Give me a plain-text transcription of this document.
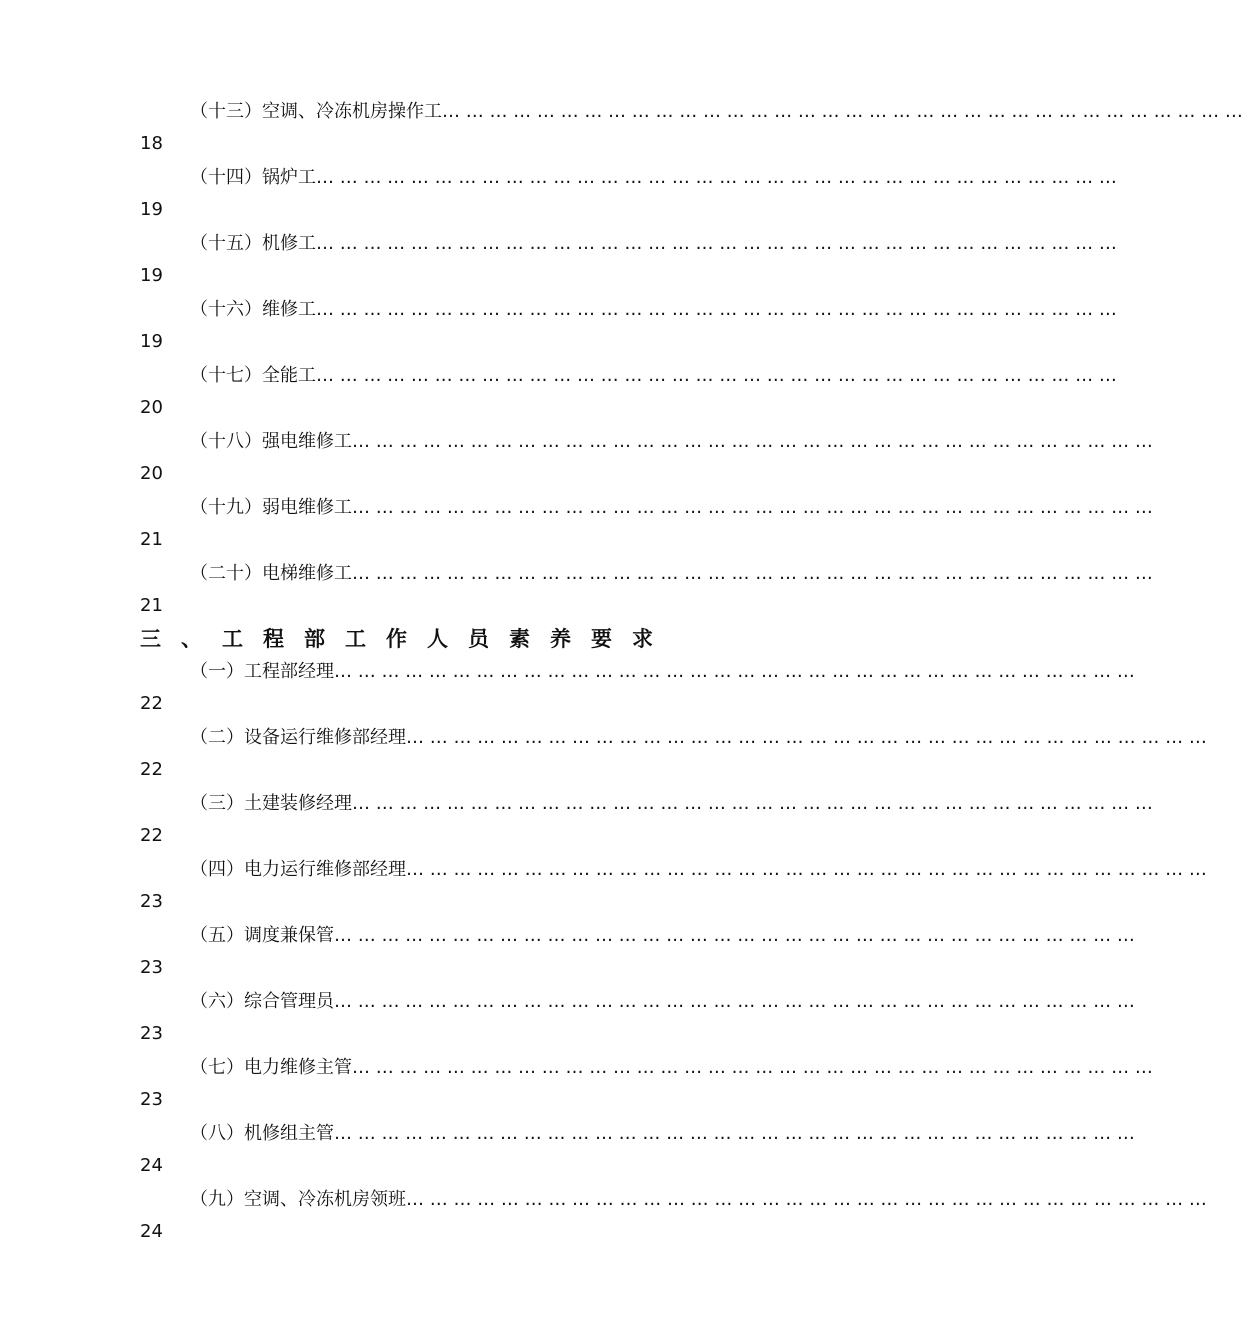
（十三）空调、冷冻机房操作工… … … … … … … … … … … … … … … … … … … … … … … … … … … … … … … … … …
18
（十四）锅炉工… … … … … … … … … … … … … … … … … … … … … … … … … … … … … … … … … …
19
（十五）机修工… … … … … … … … … … … … … … … … … … … … … … … … … … … … … … … … … …
19
（十六）维修工… … … … … … … … … … … … … … … … … … … … … … … … … … … … … … … … … …
19
（十七）全能工… … … … … … … … … … … … … … … … … … … … … … … … … … … … … … … … … …
20
（十八）强电维修工… … … … … … … … … … … … … … … … … … … … … … … … … … … … … … … … … …
20
（十九）弱电维修工… … … … … … … … … … … … … … … … … … … … … … … … … … … … … … … … … …
21
（二十）电梯维修工… … … … … … … … … … … … … … … … … … … … … … … … … … … … … … … … … …
21
三、工程部工作人员素养要求
（一）工程部经理… … … … … … … … … … … … … … … … … … … … … … … … … … … … … … … … … …
22
（二）设备运行维修部经理… … … … … … … … … … … … … … … … … … … … … … … … … … … … … … … … … …
22
（三）土建装修经理… … … … … … … … … … … … … … … … … … … … … … … … … … … … … … … … … …
22
（四）电力运行维修部经理… … … … … … … … … … … … … … … … … … … … … … … … … … … … … … … … … …
23
（五）调度兼保管… … … … … … … … … … … … … … … … … … … … … … … … … … … … … … … … … …
23
（六）综合管理员… … … … … … … … … … … … … … … … … … … … … … … … … … … … … … … … … …
23
（七）电力维修主管… … … … … … … … … … … … … … … … … … … … … … … … … … … … … … … … … …
23
（八）机修组主管… … … … … … … … … … … … … … … … … … … … … … … … … … … … … … … … … …
24
（九）空调、冷冻机房领班… … … … … … … … … … … … … … … … … … … … … … … … … … … … … … … … … …
24
